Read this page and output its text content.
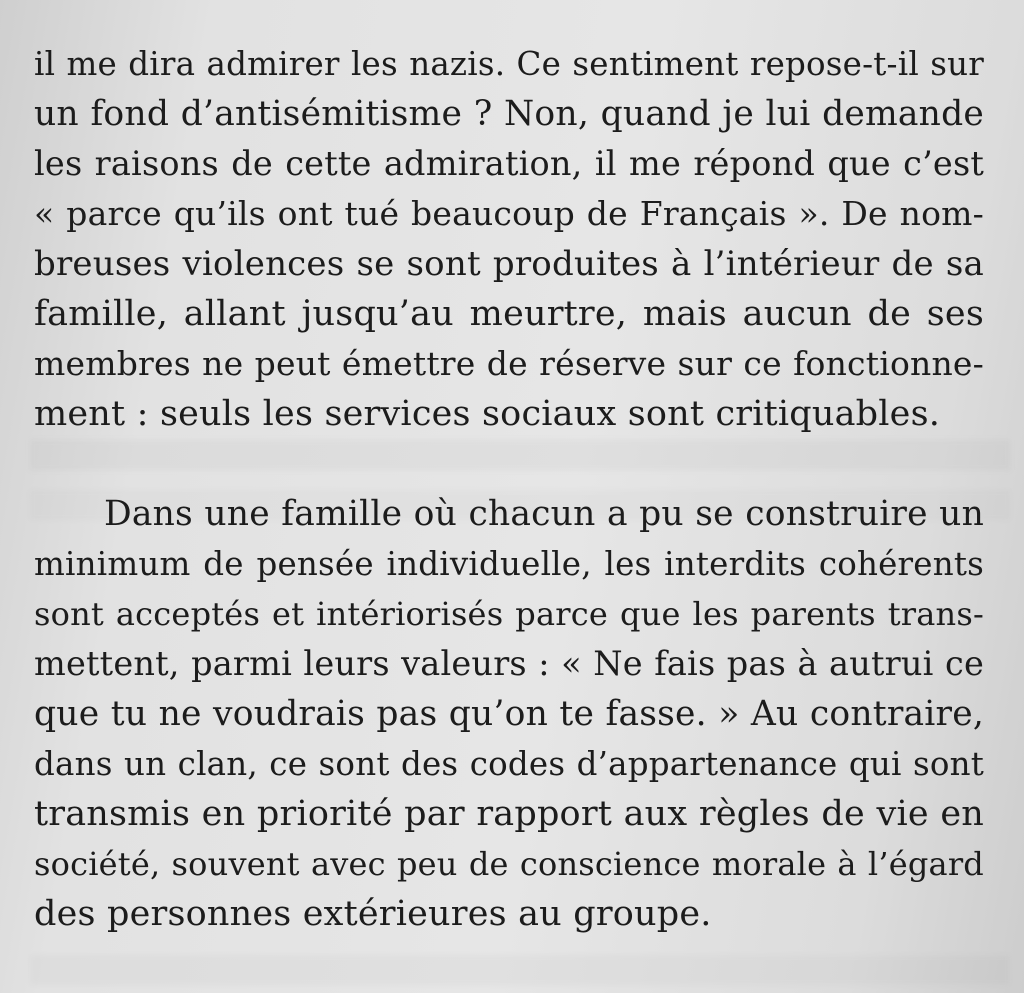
il me dira admirer les nazis. Ce sentiment repose-t-il sur
un fond d’antisémitisme ? Non, quand je lui demande
les raisons de cette admiration, il me répond que c’est
« parce qu’ils ont tué beaucoup de Français ». De nom-
breuses violences se sont produites à l’intérieur de sa
famille, allant jusqu’au meurtre, mais aucun de ses
membres ne peut émettre de réserve sur ce fonctionne-
ment : seuls les services sociaux sont critiquables.
Dans une famille où chacun a pu se construire un
minimum de pensée individuelle, les interdits cohérents
sont acceptés et intériorisés parce que les parents trans-
mettent, parmi leurs valeurs : « Ne fais pas à autrui ce
que tu ne voudrais pas qu’on te fasse. » Au contraire,
dans un clan, ce sont des codes d’appartenance qui sont
transmis en priorité par rapport aux règles de vie en
société, souvent avec peu de conscience morale à l’égard
des personnes extérieures au groupe.
